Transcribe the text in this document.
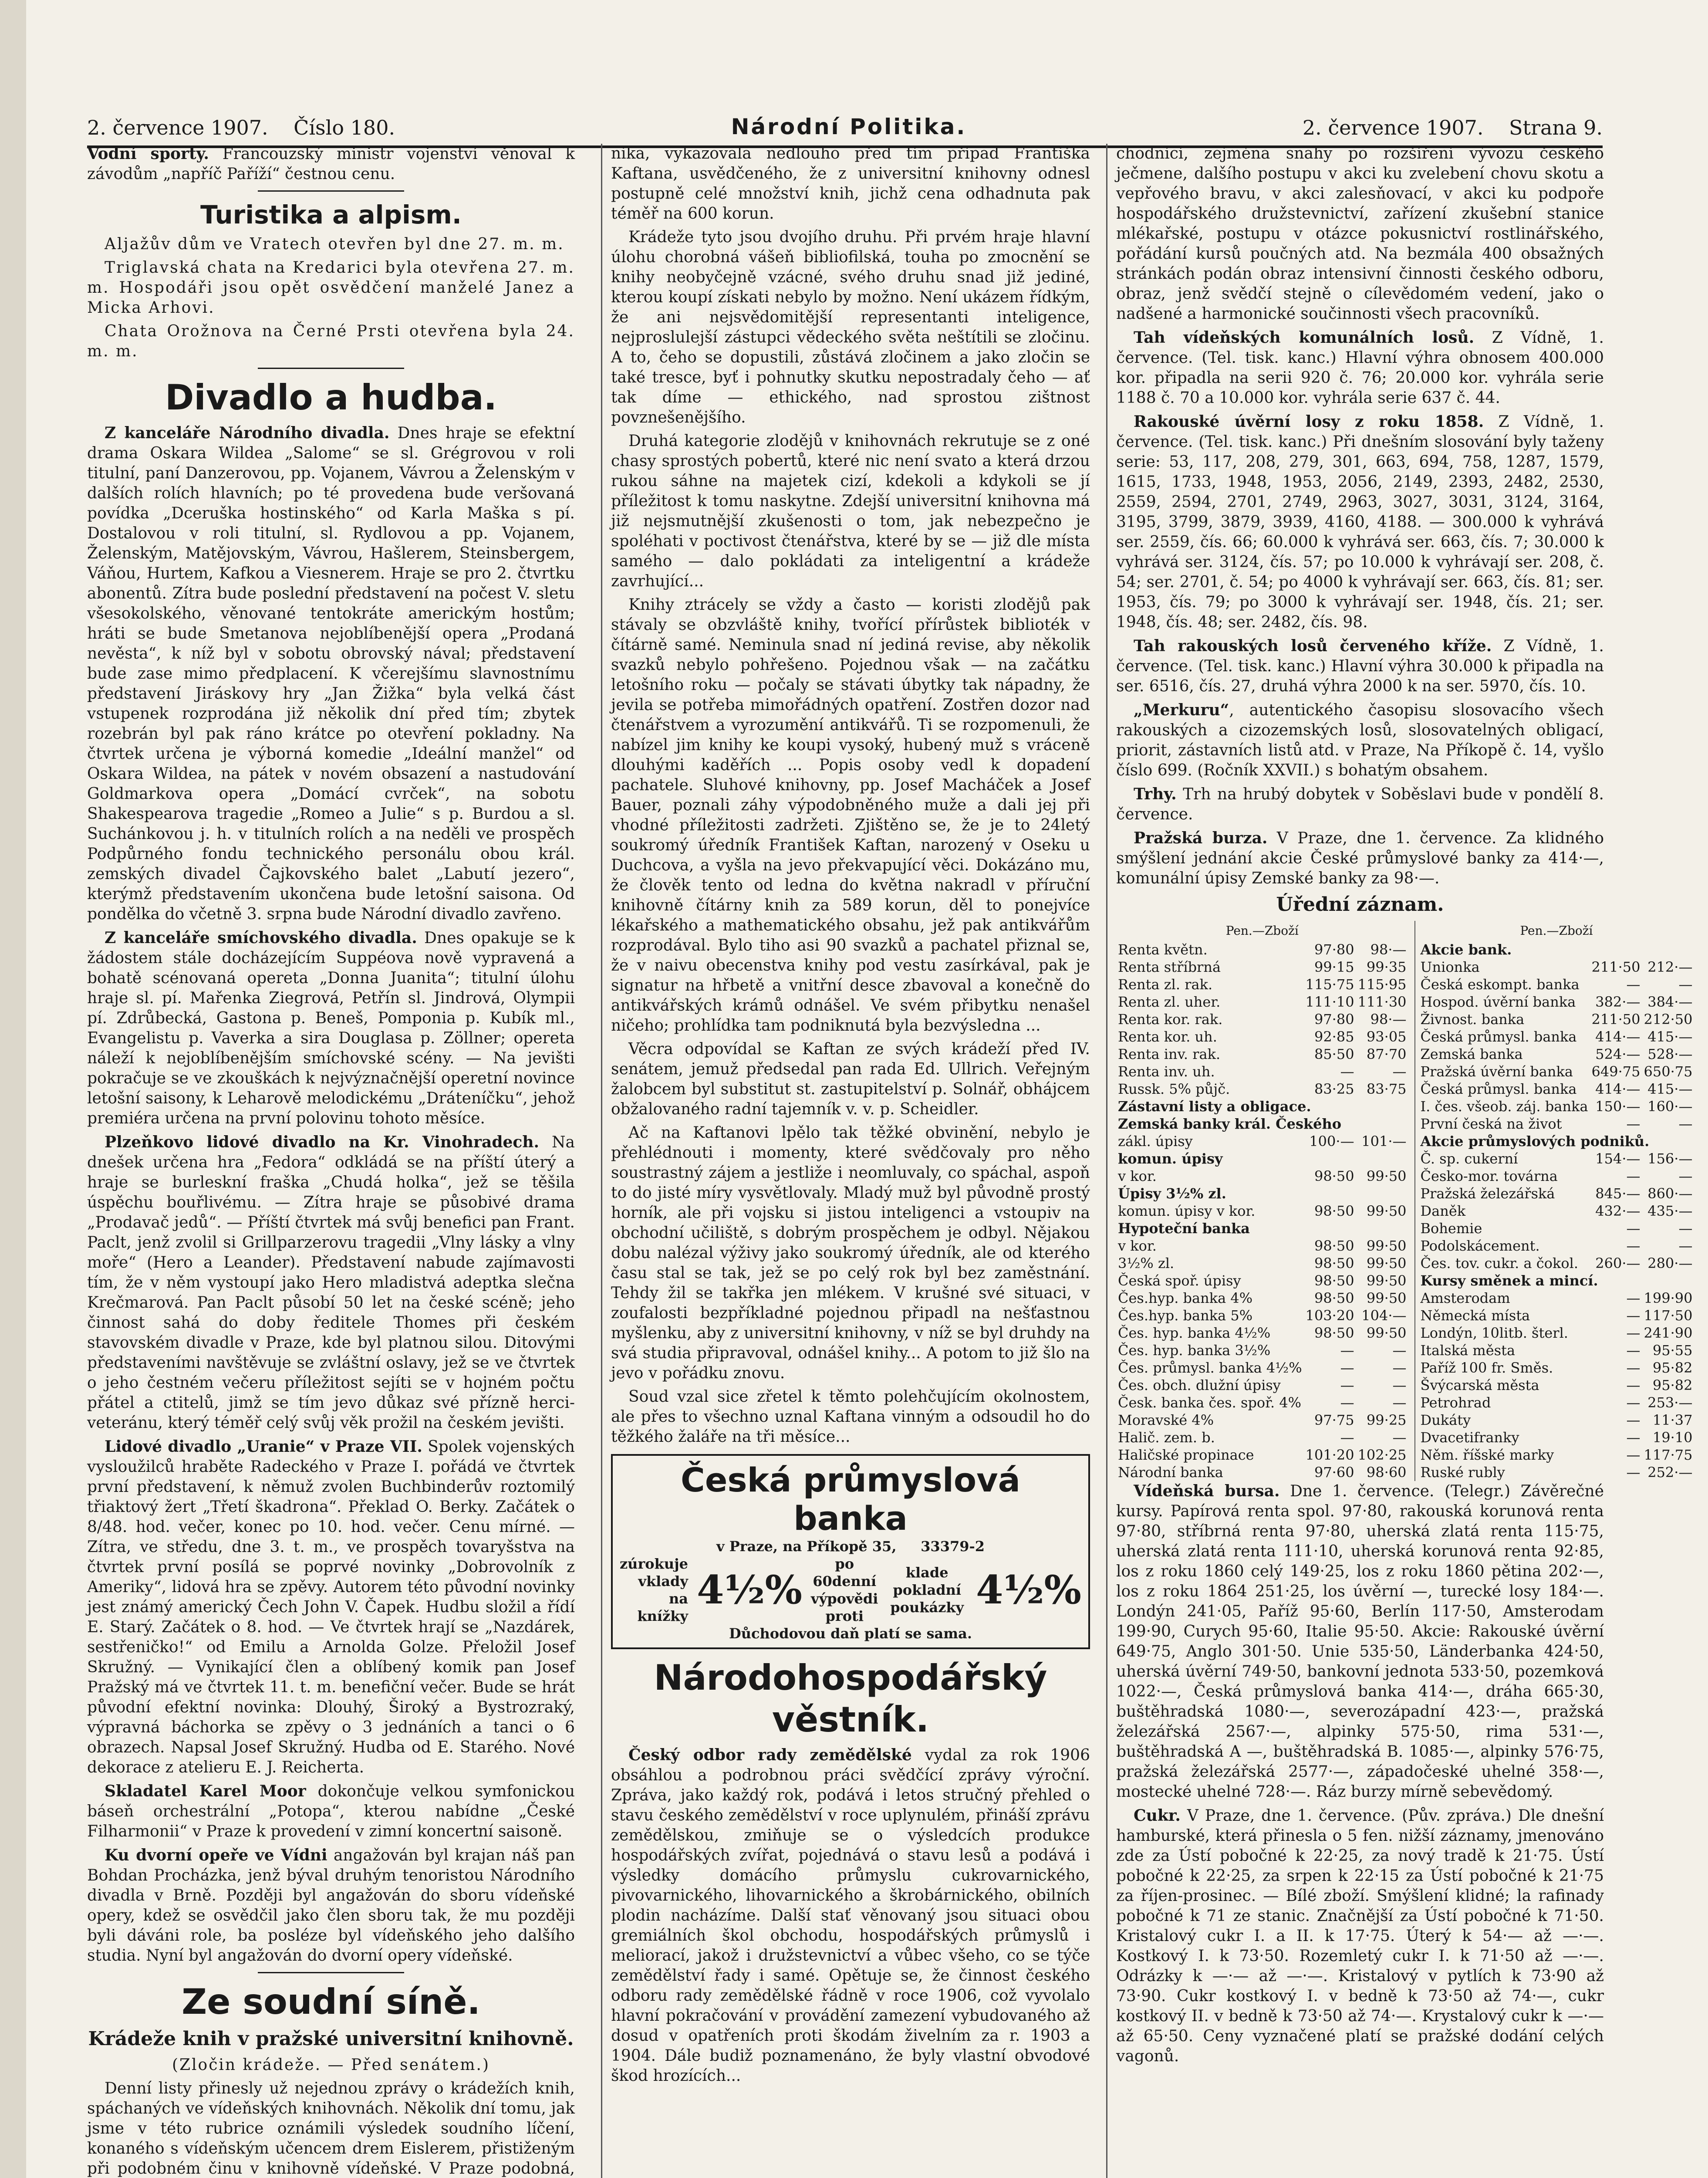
2. července 1907. Číslo 180.	Národní Politika.	2. července 1907. Strana 9.

Vodní sporty. Francouzský ministr vojenství věnoval k závodům „napříč Paříží“ čestnou cenu.

Turistika a alpism.

Aljažův dům ve Vratech otevřen byl dne 27. m. m.

Triglavská chata na Kredarici byla otevřena 27. m. m. Hospodáři jsou opět osvědčení manželé Janez a Micka Arhovi.

Chata Orožnova na Černé Prsti otevřena byla 24. m. m.

Divadlo a hudba.

Z kanceláře Národního divadla. Dnes hraje se efektní drama Oskara Wildea „Salome“ se sl. Grégrovou v roli titulní, paní Danzerovou, pp. Vojanem, Vávrou a Želenským v dalších rolích hlavních; po té provedena bude veršovaná povídka „Dceruška hostinského“ od Karla Maška s pí. Dostalovou v roli titulní, sl. Rydlovou a pp. Vojanem, Želenským, Matějovským, Vávrou, Hašlerem, Steinsbergem, Váňou, Hurtem, Kafkou a Viesnerem. Hraje se pro 2. čtvrtku abonentů. Zítra bude poslední představení na počest V. sletu všesokolského, věnované tentokráte americkým hostům; hráti se bude Smetanova nejoblíbenější opera „Prodaná nevěsta“, k níž byl v sobotu obrovský nával; představení bude zase mimo předplacení. K včerejšímu slavnostnímu představení Jiráskovy hry „Jan Žižka“ byla velká část vstupenek rozprodána již několik dní před tím; zbytek rozebrán byl pak ráno krátce po otevření pokladny. Na čtvrtek určena je výborná komedie „Ideální manžel“ od Oskara Wildea, na pátek v novém obsazení a nastudování Goldmarkova opera „Domácí cvrček“, na sobotu Shakespearova tragedie „Romeo a Julie“ s p. Burdou a sl. Suchánkovou j. h. v titulních rolích a na neděli ve prospěch Podpůrného fondu technického personálu obou král. zemských divadel Čajkovského balet „Labutí jezero“, kterýmž představením ukončena bude letošní saisona. Od pondělka do včetně 3. srpna bude Národní divadlo zavřeno.

Z kanceláře smíchovského divadla. Dnes opakuje se k žádostem stále docházejícím Suppéova nově vypravená a bohatě scénovaná opereta „Donna Juanita“; titulní úlohu hraje sl. pí. Mařenka Ziegrová, Petřín sl. Jindrová, Olympii pí. Zdrůbecká, Gastona p. Beneš, Pomponia p. Kubík ml., Evangelistu p. Vaverka a sira Douglasa p. Zöllner; opereta náleží k nejoblíbenějším smíchovské scény. — Na jevišti pokračuje se ve zkouškách k nejvýznačnější operetní novince letošní saisony, k Leharově melodickému „Dráteníčku“, jehož premiéra určena na první polovinu tohoto měsíce.

Plzeňkovo lidové divadlo na Kr. Vinohradech. Na dnešek určena hra „Fedora“ odkládá se na příští úterý a hraje se burleskní fraška „Chudá holka“, jež se těšila úspěchu bouřlivému. — Zítra hraje se působivé drama „Prodavač jedů“. — Příští čtvrtek má svůj benefici pan Frant. Paclt, jenž zvolil si Grillparzerovu tragedii „Vlny lásky a vlny moře“ (Hero a Leander). Představení nabude zajímavosti tím, že v něm vystoupí jako Hero mladistvá adeptka slečna Krečmarová. Pan Paclt působí 50 let na české scéně; jeho činnost sahá do doby ředitele Thomes při českém stavovském divadle v Praze, kde byl platnou silou. Ditovými představeními navštěvuje se zvláštní oslavy, jež se ve čtvrtek o jeho čestném večeru příležitost sejíti se v hojném počtu přátel a ctitelů, jimž se tím jevo důkaz své přízně herci-veteránu, který téměř celý svůj věk prožil na českém jevišti.

Lidové divadlo „Uranie“ v Praze VII. Spolek vojenských vysloužilců hraběte Radeckého v Praze I. pořádá ve čtvrtek první představení, k němuž zvolen Buchbinderův roztomilý třiaktový žert „Třetí škadrona“. Překlad O. Berky. Začátek o 8/48. hod. večer, konec po 10. hod. večer. Cenu mírné. — Zítra, ve středu, dne 3. t. m., ve prospěch tovaryšstva na čtvrtek první posílá se poprvé novinky „Dobrovolník z Ameriky“, lidová hra se zpěvy. Autorem této původní novinky jest známý americký Čech John V. Čapek. Hudbu složil a řídí E. Starý. Začátek o 8. hod. — Ve čtvrtek hrají se „Nazdárek, sestřeničko!“ od Emilu a Arnolda Golze. Přeložil Josef Skružný. — Vynikající člen a oblíbený komik pan Josef Pražský má ve čtvrtek 11. t. m. benefiční večer. Bude se hrát původní efektní novinka: Dlouhý, Široký a Bystrozraký, výpravná báchorka se zpěvy o 3 jednáních a tanci o 6 obrazech. Napsal Josef Skružný. Hudba od E. Starého. Nové dekorace z atelieru E. J. Reicherta.

Skladatel Karel Moor dokončuje velkou symfonickou báseň orchestrální „Potopa“, kterou nabídne „České Filharmonii“ v Praze k provedení v zimní koncertní saisoně.

Ku dvorní opeře ve Vídni angažován byl krajan náš pan Bohdan Procházka, jenž býval druhým tenoristou Národního divadla v Brně. Později byl angažován do sboru vídeňské opery, kdež se osvědčil jako člen sboru tak, že mu později byli dáváni role, ba posléze byl vídeňského jeho dalšího studia. Nyní byl angažován do dvorní opery vídeňské.

Ze soudní síně.
Krádeže knih v pražské universitní knihovně.

(Zločin krádeže. — Před senátem.)

Denní listy přinesly už nejednou zprávy o krádežích knih, spáchaných ve vídeňských knihovnách. Několik dní tomu, jak jsme v této rubrice oznámili výsledek soudního líčení, konaného s vídeňským učencem drem Eislerem, přistiženým při podobném činu v knihovně vídeňské. V Praze podobná,

nika, vykazovala nedlouho před tím případ Františka Kaftana, usvědčeného, že z universitní knihovny odnesl postupně celé množství knih, jichž cena odhadnuta pak téměř na 600 korun.

Krádeže tyto jsou dvojího druhu. Při prvém hraje hlavní úlohu chorobná vášeň bibliofilská, touha po zmocnění se knihy neobyčejně vzácné, svého druhu snad již jediné, kterou koupí získati nebylo by možno. Není ukázem řídkým, že ani nejsvědomitější representanti inteligence, nejproslulejší zástupci vědeckého světa neštítili se zločinu. A to, čeho se dopustili, zůstává zločinem a jako zločin se také tresce, byť i pohnutky skutku nepostradaly čeho — ať tak díme — ethického, nad sprostou zištnost povznešenějšího.

Druhá kategorie zlodějů v knihovnách rekrutuje se z oné chasy sprostých pobertů, které nic není svato a která drzou rukou sáhne na majetek cizí, kdekoli a kdykoli se jí příležitost k tomu naskytne. Zdejší universitní knihovna má již nejsmutnější zkušenosti o tom, jak nebezpečno je spoléhati v poctivost čtenářstva, které by se — již dle místa samého — dalo pokládati za inteligentní a krádeže zavrhující...

Knihy ztrácely se vždy a často — koristi zlodějů pak stávaly se obzvláště knihy, tvořící přírůstek biblioték v čítárně samé. Neminula snad ní jediná revise, aby několik svazků nebylo pohřešeno. Pojednou však — na začátku letošního roku — počaly se stávati úbytky tak nápadny, že jevila se potřeba mimořádných opatření. Zostřen dozor nad čtenářstvem a vyrozumění antikvářů. Ti se rozpomenuli, že nabízel jim knihy ke koupi vysoký, hubený muž s vráceně dlouhými kaděřích ... Popis osoby vedl k dopadení pachatele. Sluhové knihovny, pp. Josef Macháček a Josef Bauer, poznali záhy výpodobněného muže a dali jej při vhodné příležitosti zadržeti. Zjištěno se, že je to 24letý soukromý úředník František Kaftan, narozený v Oseku u Duchcova, a vyšla na jevo překvapující věci. Dokázáno mu, že člověk tento od ledna do května nakradl v příruční knihovně čítárny knih za 589 korun, děl to ponejvíce lékařského a mathematického obsahu, jež pak antikvářům rozprodával. Bylo tiho asi 90 svazků a pachatel přiznal se, že v naivu obecenstva knihy pod vestu zasírkával, pak je signatur na hřbetě a vnitřní desce zbavoval a konečně do antikvářských krámů odnášel. Ve svém přibytku nenašel ničeho; prohlídka tam podniknutá byla bezvýsledna ...

Věcra odpovídal se Kaftan ze svých krádeží před IV. senátem, jemuž předsedal pan rada Ed. Ullrich. Veřejným žalobcem byl substitut st. zastupitelství p. Solnář, obhájcem obžalovaného radní tajemník v. v. p. Scheidler.

Ač na Kaftanovi lpělo tak těžké obvinění, nebylo je přehlédnouti i momenty, které svědčovaly pro něho soustrastný zájem a jestliže i neomluvaly, co spáchal, aspoň to do jisté míry vysvětlovaly. Mladý muž byl původně prostý horník, ale při vojsku si jistou inteligenci a vstoupiv na obchodní učiliště, s dobrým prospěchem je odbyl. Nějakou dobu nalézal výživy jako soukromý úředník, ale od kterého času stal se tak, jež se po celý rok byl bez zaměstnání. Tehdy žil se takřka jen mlékem. V krušné své situaci, v zoufalosti bezpříkladné pojednou připadl na nešťastnou myšlenku, aby z universitní knihovny, v níž se byl druhdy na svá studia připravoval, odnášel knihy... A potom to již šlo na jevo v pořádku znovu.

Soud vzal sice zřetel k těmto polehčujícím okolnostem, ale přes to všechno uznal Kaftana vinným a odsoudil ho do těžkého žaláře na tři měsíce...

Česká průmyslová banka
v Praze, na Příkopě 35, 33379-2
zúrokuje vklady
na knížky
4½%
po 60denní
výpovědi
proti
klade pokladní poukázky 4½%
Důchodovou daň platí se sama.
Národohospodářský věstník.

Český odbor rady zemědělské vydal za rok 1906 obsáhlou a podrobnou práci svědčící zprávy výroční. Zpráva, jako každý rok, podává i letos stručný přehled o stavu českého zemědělství v roce uplynulém, přináší zprávu zemědělskou, zmiňuje se o výsledcích produkce hospodářských zvířat, pojednává o stavu lesů a podává i výsledky domácího průmyslu cukrovarnického, pivovarnického, lihovarnického a škrobárnického, obilních plodin nacházíme. Další stať věnovaný jsou situaci obou gremiálních škol obchodu, hospodářských průmyslů i meliorací, jakož i družstevnictví a vůbec všeho, co se týče zemědělství řady i samé. Opětuje se, že činnost českého odboru rady zemědělské řádně v roce 1906, což vyvolalo hlavní pokračování v provádění zamezení vybudovaného až dosud v opatřeních proti škodám živelním za r. 1903 a 1904. Dále budiž poznamenáno, že byly vlastní obvodové škod hrozících...

chodnící, zejména snahy po rozšíření vývozu českého ječmene, dalšího postupu v akci ku zvelebení chovu skotu a vepřového bravu, v akci zalesňovací, v akci ku podpoře hospodářského družstevnictví, zařízení zkušební stanice mlékařské, postupu v otázce pokusnictví rostlinářského, pořádání kursů poučných atd. Na bezmála 400 obsažných stránkách podán obraz intensivní činnosti českého odboru, obraz, jenž svědčí stejně o cílevědomém vedení, jako o nadšené a harmonické součinnosti všech pracovníků.

Tah vídeňských komunálních losů. Z Vídně, 1. července. (Tel. tisk. kanc.) Hlavní výhra obnosem 400.000 kor. připadla na serii 920 č. 76; 20.000 kor. vyhrála serie 1188 č. 70 a 10.000 kor. vyhrála serie 637 č. 44.

Rakouské úvěrní losy z roku 1858. Z Vídně, 1. července. (Tel. tisk. kanc.) Při dnešním slosování byly taženy serie: 53, 117, 208, 279, 301, 663, 694, 758, 1287, 1579, 1615, 1733, 1948, 1953, 2056, 2149, 2393, 2482, 2530, 2559, 2594, 2701, 2749, 2963, 3027, 3031, 3124, 3164, 3195, 3799, 3879, 3939, 4160, 4188. — 300.000 k vyhrává ser. 2559, čís. 66; 60.000 k vyhrává ser. 663, čís. 7; 30.000 k vyhrává ser. 3124, čís. 57; po 10.000 k vyhrávají ser. 208, č. 54; ser. 2701, č. 54; po 4000 k vyhrávají ser. 663, čís. 81; ser. 1953, čís. 79; po 3000 k vyhrávají ser. 1948, čís. 21; ser. 1948, čís. 48; ser. 2482, čís. 98.

Tah rakouských losů červeného kříže. Z Vídně, 1. července. (Tel. tisk. kanc.) Hlavní výhra 30.000 k připadla na ser. 6516, čís. 27, druhá výhra 2000 k na ser. 5970, čís. 10.

„Merkuru“, autentického časopisu slosovacího všech rakouských a cizozemských losů, slosovatelných obligací, priorit, zástavních listů atd. v Praze, Na Příkopě č. 14, vyšlo číslo 699. (Ročník XXVII.) s bohatým obsahem.

Trhy. Trh na hrubý dobytek v Soběslavi bude v pondělí 8. července.

Pražská burza. V Praze, dne 1. července. Za klidného smýšlení jednání akcie České průmyslové banky za 414·—, komunální úpisy Zemské banky za 98·—.

Úřední záznam.
Pen.—Zboží
Renta květn.	97·80	98·—
Renta stříbrná	99·15	99·35
Renta zl. rak.	115·75	115·95
Renta zl. uher.	111·10	111·30
Renta kor. rak.	97·80	98·—
Renta kor. uh.	92·85	93·05
Renta inv. rak.	85·50	87·70
Renta inv. uh.	—	—
Russk. 5% půjč.	83·25	83·75
Zástavní listy a obligace.		
Zemská banky král. Českého		
zákl. úpisy	100·—	101·—
komun. úpisy		
v kor.	98·50	99·50
Úpisy 3½% zl.		
komun. úpisy v kor.	98·50	99·50
Hypoteční banka		
v kor.	98·50	99·50
3½% zl.	98·50	99·50
Česká spoř. úpisy	98·50	99·50
Čes.hyp. banka 4%	98·50	99·50
Čes.hyp. banka 5%	103·20	104·—
Čes. hyp. banka 4½%	98·50	99·50
Čes. hyp. banka 3½%	—	—
Čes. průmysl. banka 4½%	—	—
Čes. obch. dlužní úpisy	—	—
Česk. banka čes. spoř. 4%	—	—
Moravské 4%	97·75	99·25
Halič. zem. b.	—	—
Haličské propinace	101·20	102·25
Národní banka	97·60	98·60
Pen.—Zboží
Akcie bank.		
Unionka	211·50	212·—
Česká eskompt. banka	—	—
Hospod. úvěrní banka	382·—	384·—
Živnost. banka	211·50	212·50
Česká průmysl. banka	414·—	415·—
Zemská banka	524·—	528·—
Pražská úvěrní banka	649·75	650·75
Česká průmysl. banka	414·—	415·—
I. čes. všeob. záj. banka	150·—	160·—
První česká na život	—	—
Akcie průmyslových podniků.		
Č. sp. cukerní	154·—	156·—
Česko-mor. továrna	—	—
Pražská železářská	845·—	860·—
Daněk	432·—	435·—
Bohemie	—	—
Podolskácement.	—	—
Čes. tov. cukr. a čokol.	260·—	280·—
Kursy směnek a mincí.		
Amsterodam	—	199·90
Německá místa	—	117·50
Londýn, 10litb. šterl.	—	241·90
Italská města	—	95·55
Paříž 100 fr. Směs.	—	95·82
Švýcarská města	—	95·82
Petrohrad	—	253·—
Dukáty	—	11·37
Dvacetifranky	—	19·10
Něm. říšské marky	—	117·75
Ruské rubly	—	252·—

Vídeňská bursa. Dne 1. července. (Telegr.) Závěrečné kursy. Papírová renta spol. 97·80, rakouská korunová renta 97·80, stříbrná renta 97·80, uherská zlatá renta 115·75, uherská zlatá renta 111·10, uherská korunová renta 92·85, los z roku 1860 celý 149·25, los z roku 1860 pětina 202·—, los z roku 1864 251·25, los úvěrní —, turecké losy 184·—. Londýn 241·05, Paříž 95·60, Berlín 117·50, Amsterodam 199·90, Curych 95·60, Italie 95·50. Akcie: Rakouské úvěrní 649·75, Anglo 301·50. Unie 535·50, Länderbanka 424·50, uherská úvěrní 749·50, bankovní jednota 533·50, pozemková 1022·—, Česká průmyslová banka 414·—, dráha 665·30, buštěhradská 1080·—, severozápadní 423·—, pražská železářská 2567·—, alpinky 575·50, rima 531·—, buštěhradská A —, buštěhradská B. 1085·—, alpinky 576·75, pražská železářská 2577·—, západočeské uhelné 358·—, mostecké uhelné 728·—. Ráz burzy mírně sebevědomý.

Cukr. V Praze, dne 1. července. (Pův. zpráva.) Dle dnešní hamburské, která přinesla o 5 fen. nižší záznamy, jmenováno zde za Ústí pobočné k 22·25, za nový tradě k 21·75. Ústí pobočné k 22·25, za srpen k 22·15 za Ústí pobočné k 21·75 za říjen-prosinec. — Bílé zboží. Smýšlení klidné; la rafinady pobočné k 71 ze stanic. Značnější za Ústí pobočné k 71·50. Kristalový cukr I. a II. k 17·75. Úterý k 54·— až —·—. Kostkový I. k 73·50. Rozemletý cukr I. k 71·50 až —·—. Odrázky k —·— až —·—. Kristalový v pytlích k 73·90 až 73·90. Cukr kostkový I. v bedně k 73·50 až 74·—, cukr kostkový II. v bedně k 73·50 až 74·—. Krystalový cukr k —·— až 65·50. Ceny vyznačené platí se pražské dodání celých vagonů.
